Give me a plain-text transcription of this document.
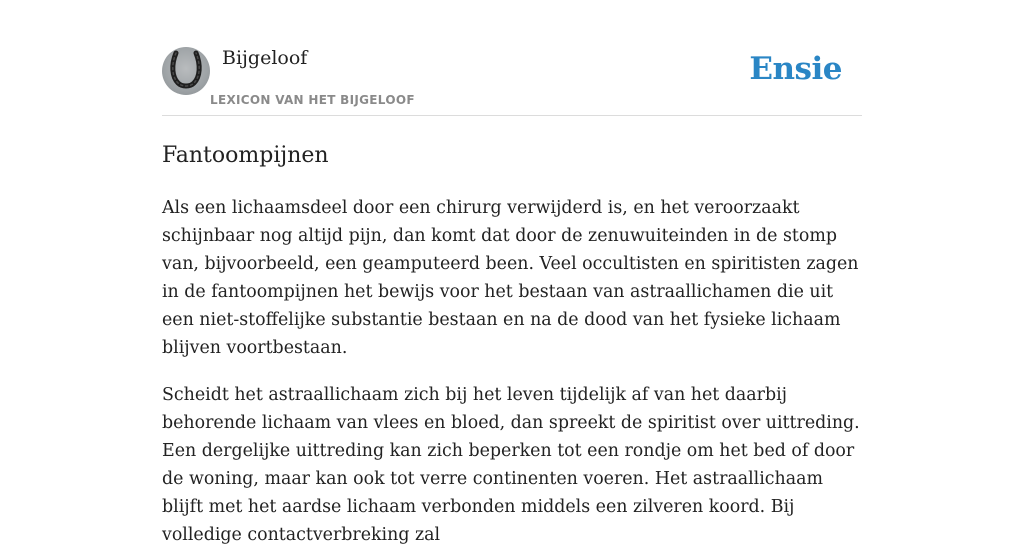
Bijgeloof
LEXICON VAN HET BIJGELOOF
Ensie
Fantoompijnen

Als een lichaamsdeel door een chirurg verwijderd is, en het veroorzaakt schijnbaar nog altijd pijn, dan komt dat door de zenuwuiteinden in de stomp van, bijvoorbeeld, een geamputeerd been. Veel occultisten en spiritisten zagen in de fantoompijnen het bewijs voor het bestaan van astraallichamen die uit een niet-stoffelijke substantie bestaan en na de dood van het fysieke lichaam blijven voortbestaan.

Scheidt het astraallichaam zich bij het leven tijdelijk af van het daarbij behorende lichaam van vlees en bloed, dan spreekt de spiritist over uittreding. Een dergelijke uittreding kan zich beperken tot een rondje om het bed of door de woning, maar kan ook tot verre continenten voeren. Het astraallichaam blijft met het aardse lichaam verbonden middels een zilveren koord. Bij volledige contactverbreking zal
